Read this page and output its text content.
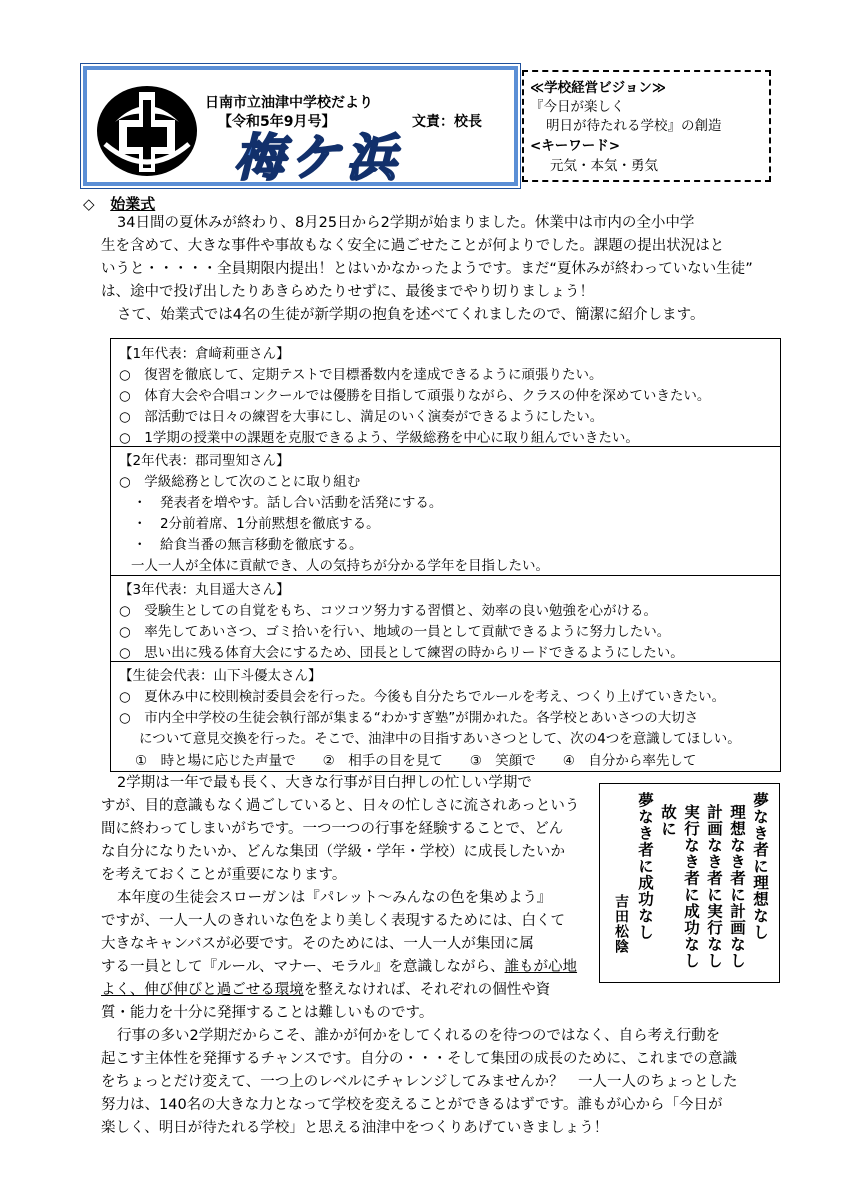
日南市立油津中学校だより
【令和5年9月号】	文責：校長
梅ケ浜
≪学校経営ビジョン≫
『今日が楽しく
明日が待たれる学校』の創造
<キーワード>
元気・本気・勇気
◇ 始業式
34日間の夏休みが終わり、8月25日から2学期が始まりました。休業中は市内の全小中学
生を含めて、大きな事件や事故もなく安全に過ごせたことが何よりでした。課題の提出状況はと
いうと・・・・・全員期限内提出！とはいかなかったようです。まだ“夏休みが終わっていない生徒”
は、途中で投げ出したりあきらめたりせずに、最後までやり切りましょう！
さて、始業式では4名の生徒が新学期の抱負を述べてくれましたので、簡潔に紹介します。
【1年代表：倉﨑莉亜さん】
○　復習を徹底して、定期テストで目標番数内を達成できるように頑張りたい。
○　体育大会や合唱コンクールでは優勝を目指して頑張りながら、クラスの仲を深めていきたい。
○　部活動では日々の練習を大事にし、満足のいく演奏ができるようにしたい。
○　1学期の授業中の課題を克服できるよう、学級総務を中心に取り組んでいきたい。
【2年代表：郡司聖知さん】
○　学級総務として次のことに取り組む
・　発表者を増やす。話し合い活動を活発にする。
・　2分前着席、1分前黙想を徹底する。
・　給食当番の無言移動を徹底する。
一人一人が全体に貢献でき、人の気持ちが分かる学年を目指したい。
【3年代表：丸目遥大さん】
○　受験生としての自覚をもち、コツコツ努力する習慣と、効率の良い勉強を心がける。
○　率先してあいさつ、ゴミ拾いを行い、地域の一員として貢献できるように努力したい。
○　思い出に残る体育大会にするため、団長として練習の時からリードできるようにしたい。
【生徒会代表：山下斗優太さん】
○　夏休み中に校則検討委員会を行った。今後も自分たちでルールを考え、つくり上げていきたい。
○　市内全中学校の生徒会執行部が集まる“わかすぎ塾”が開かれた。各学校とあいさつの大切さ
について意見交換を行った。そこで、油津中の目指すあいさつとして、次の4つを意識してほしい。
①　時と場に応じた声量で　　②　相手の目を見て　　③　笑顔で　　④　自分から率先して
2学期は一年で最も長く、大きな行事が目白押しの忙しい学期で
すが、目的意識もなく過ごしていると、日々の忙しさに流されあっという
間に終わってしまいがちです。一つ一つの行事を経験することで、どん
な自分になりたいか、どんな集団（学級・学年・学校）に成長したいか
を考えておくことが重要になります。
本年度の生徒会スローガンは『パレット～みんなの色を集めよう』
ですが、一人一人のきれいな色をより美しく表現するためには、白くて
大きなキャンバスが必要です。そのためには、一人一人が集団に属
する一員として『ルール、マナー、モラル』を意識しながら、誰もが心地
よく、伸び伸びと過ごせる環境を整えなければ、それぞれの個性や資
質・能力を十分に発揮することは難しいものです。
行事の多い2学期だからこそ、誰かが何かをしてくれるのを待つのではなく、自ら考え行動を
起こす主体性を発揮するチャンスです。自分の・・・そして集団の成長のために、これまでの意識
をちょっとだけ変えて、一つ上のレベルにチャレンジしてみませんか？　一人一人のちょっとした
努力は、140名の大きな力となって学校を変えることができるはずです。誰もが心から「今日が
楽しく、明日が待たれる学校」と思える油津中をつくりあげていきましょう！
夢なき者に理想なし
理想なき者に計画なし
計画なき者に実行なし
実行なき者に成功なし
故に
夢なき者に成功なし
吉田松陰
